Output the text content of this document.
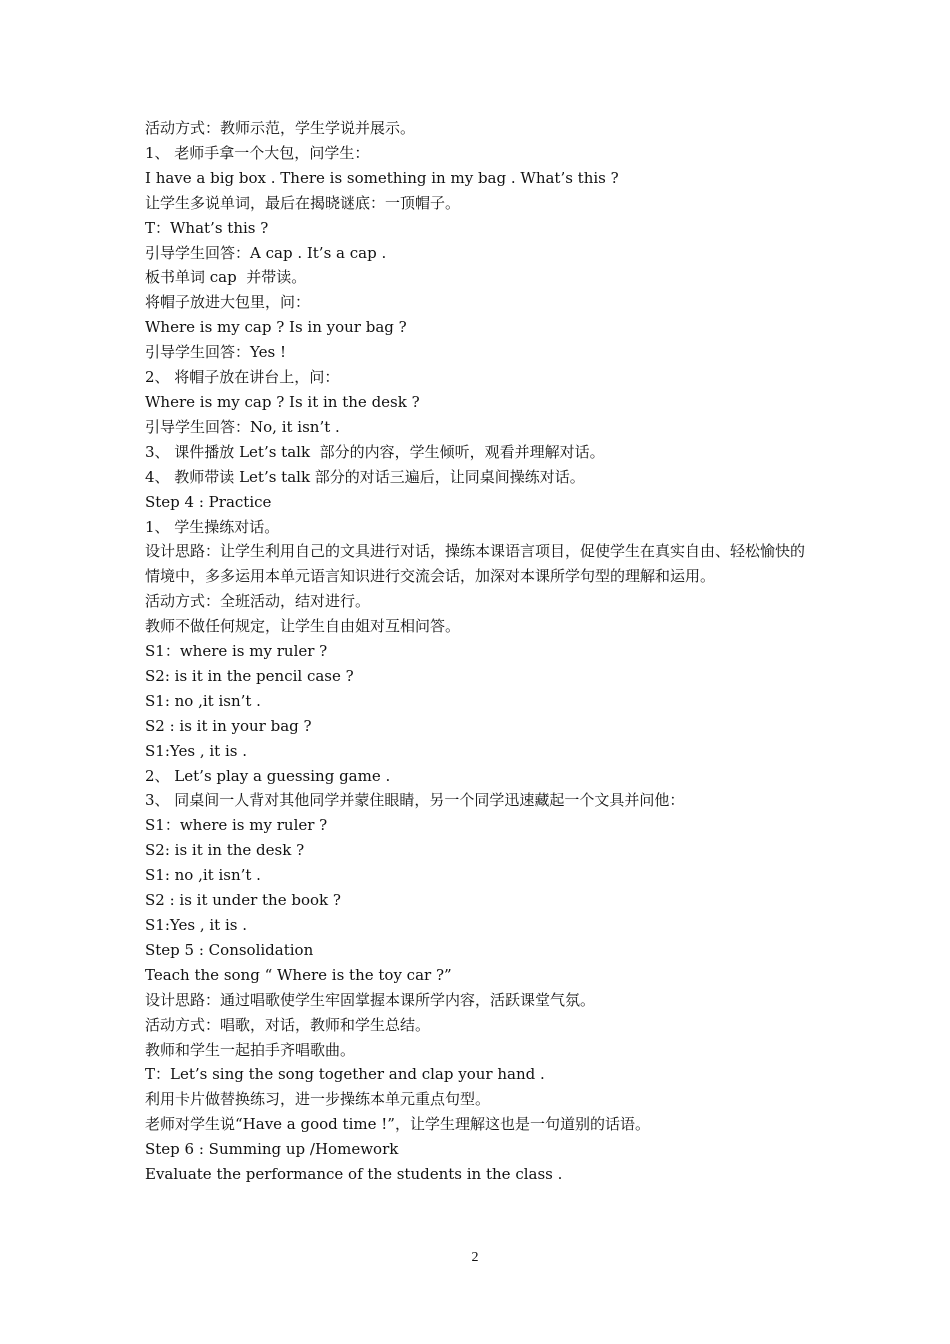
活动方式：教师示范，学生学说并展示。

1、 老师手拿一个大包，问学生：

I have a big box . There is something in my bag . What’s this ?

让学生多说单词，最后在揭晓谜底：一顶帽子。

T：What’s this ?

引导学生回答：A cap . It’s a cap .

板书单词 cap  并带读。

将帽子放进大包里，问：

Where is my cap ? Is in your bag ?

引导学生回答：Yes !

2、 将帽子放在讲台上，问：

Where is my cap ? Is it in the desk ?

引导学生回答：No, it isn’t .

3、 课件播放 Let’s talk  部分的内容，学生倾听，观看并理解对话。

4、 教师带读 Let’s talk 部分的对话三遍后，让同桌间操练对话。

Step 4 : Practice

1、 学生操练对话。

设计思路：让学生利用自己的文具进行对话，操练本课语言项目，促使学生在真实自由、轻松愉快的情境中，多多运用本单元语言知识进行交流会话，加深对本课所学句型的理解和运用。

活动方式：全班活动，结对进行。

教师不做任何规定，让学生自由姐对互相问答。

S1：where is my ruler ?

S2: is it in the pencil case ?

S1: no ,it isn’t .

S2 : is it in your bag ?

S1:Yes , it is .

2、 Let’s play a guessing game .

3、 同桌间一人背对其他同学并蒙住眼睛，另一个同学迅速藏起一个文具并问他：

S1：where is my ruler ?

S2: is it in the desk ?

S1: no ,it isn’t .

S2 : is it under the book ?

S1:Yes , it is .

Step 5 : Consolidation

Teach the song “ Where is the toy car ?”

设计思路：通过唱歌使学生牢固掌握本课所学内容，活跃课堂气氛。

活动方式：唱歌，对话，教师和学生总结。

教师和学生一起拍手齐唱歌曲。

T：Let’s sing the song together and clap your hand .

利用卡片做替换练习，进一步操练本单元重点句型。

老师对学生说“Have a good time !”，让学生理解这也是一句道别的话语。

Step 6 : Summing up /Homework

Evaluate the performance of the students in the class .

2
